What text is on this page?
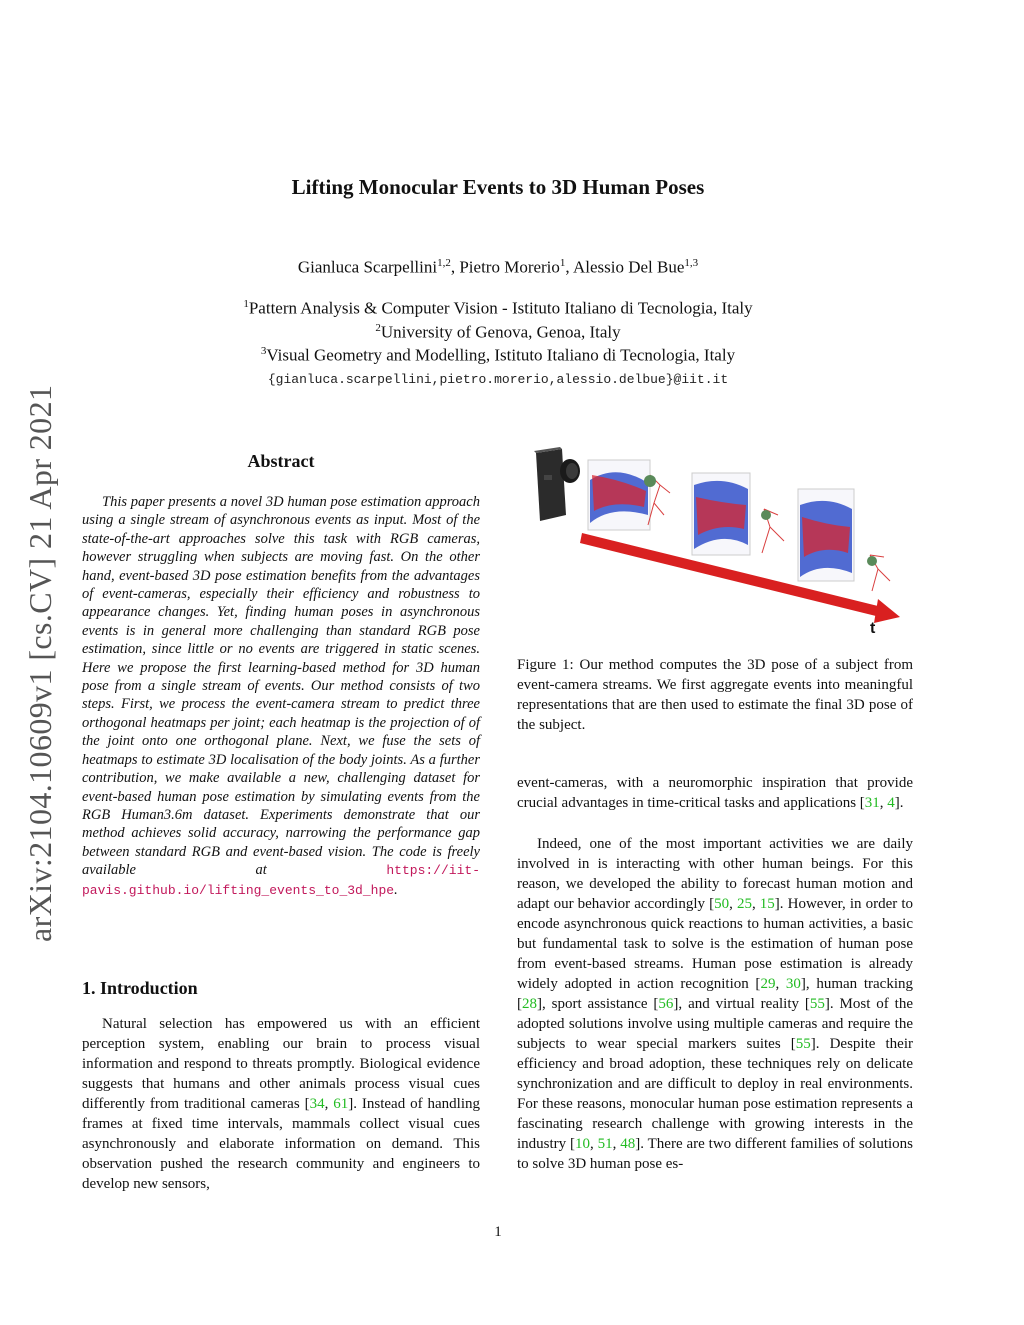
arXiv:2104.10609v1 [cs.CV] 21 Apr 2021
Lifting Monocular Events to 3D Human Poses
Gianluca Scarpellini$^{1,2}$, Pietro Morerio$^1$, Alessio Del Bue$^{1,3}$
$^1$Pattern Analysis & Computer Vision - Istituto Italiano di Tecnologia, Italy
$^2$University of Genova, Genoa, Italy
$^3$Visual Geometry and Modelling, Istituto Italiano di Tecnologia, Italy
{gianluca.scarpellini,pietro.morerio,alessio.delbue}@iit.it
Abstract
This paper presents a novel 3D human pose estimation approach using a single stream of asynchronous events as input. Most of the state-of-the-art approaches solve this task with RGB cameras, however struggling when subjects are moving fast. On the other hand, event-based 3D pose estimation benefits from the advantages of event-cameras, especially their efficiency and robustness to appearance changes. Yet, finding human poses in asynchronous events is in general more challenging than standard RGB pose estimation, since little or no events are triggered in static scenes. Here we propose the first learning-based method for 3D human pose from a single stream of events. Our method consists of two steps. First, we process the event-camera stream to predict three orthogonal heatmaps per joint; each heatmap is the projection of of the joint onto one orthogonal plane. Next, we fuse the sets of heatmaps to estimate 3D localisation of the body joints. As a further contribution, we make available a new, challenging dataset for event-based human pose estimation by simulating events from the RGB Human3.6m dataset. Experiments demonstrate that our method achieves solid accuracy, narrowing the performance gap between standard RGB and event-based vision. The code is freely available at	https://iit-pavis.github.io/lifting_events_to_3d_hpe.
1. Introduction
Natural selection has empowered us with an efficient perception system, enabling our brain to process visual information and respond to threats promptly. Biological evidence suggests that humans and other animals process visual cues differently from traditional cameras [34, 61]. Instead of handling frames at fixed time intervals, mammals collect visual cues asynchronously and elaborate information on demand. This observation pushed the research community and engineers to develop new sensors,
t
Figure 1: Our method computes the 3D pose of a subject from event-camera streams. We first aggregate events into meaningful representations that are then used to estimate the final 3D pose of the subject.
event-cameras, with a neuromorphic inspiration that provide crucial advantages in time-critical tasks and applications [31, 4].
Indeed, one of the most important activities we are daily involved in is interacting with other human beings. For this reason, we developed the ability to forecast human motion and adapt our behavior accordingly [50, 25, 15]. However, in order to encode asynchronous quick reactions to human activities, a basic but fundamental task to solve is the estimation of human pose from event-based streams. Human pose estimation is already widely adopted in action recognition [29, 30], human tracking [28], sport assistance [56], and virtual reality [55]. Most of the adopted solutions involve using multiple cameras and require the subjects to wear special markers suites [55]. Despite their efficiency and broad adoption, these techniques rely on delicate synchronization and are difficult to deploy in real environments. For these reasons, monocular human pose estimation represents a fascinating research challenge with growing interests in the industry [10, 51, 48]. There are two different families of solutions to solve 3D human pose es-
1
